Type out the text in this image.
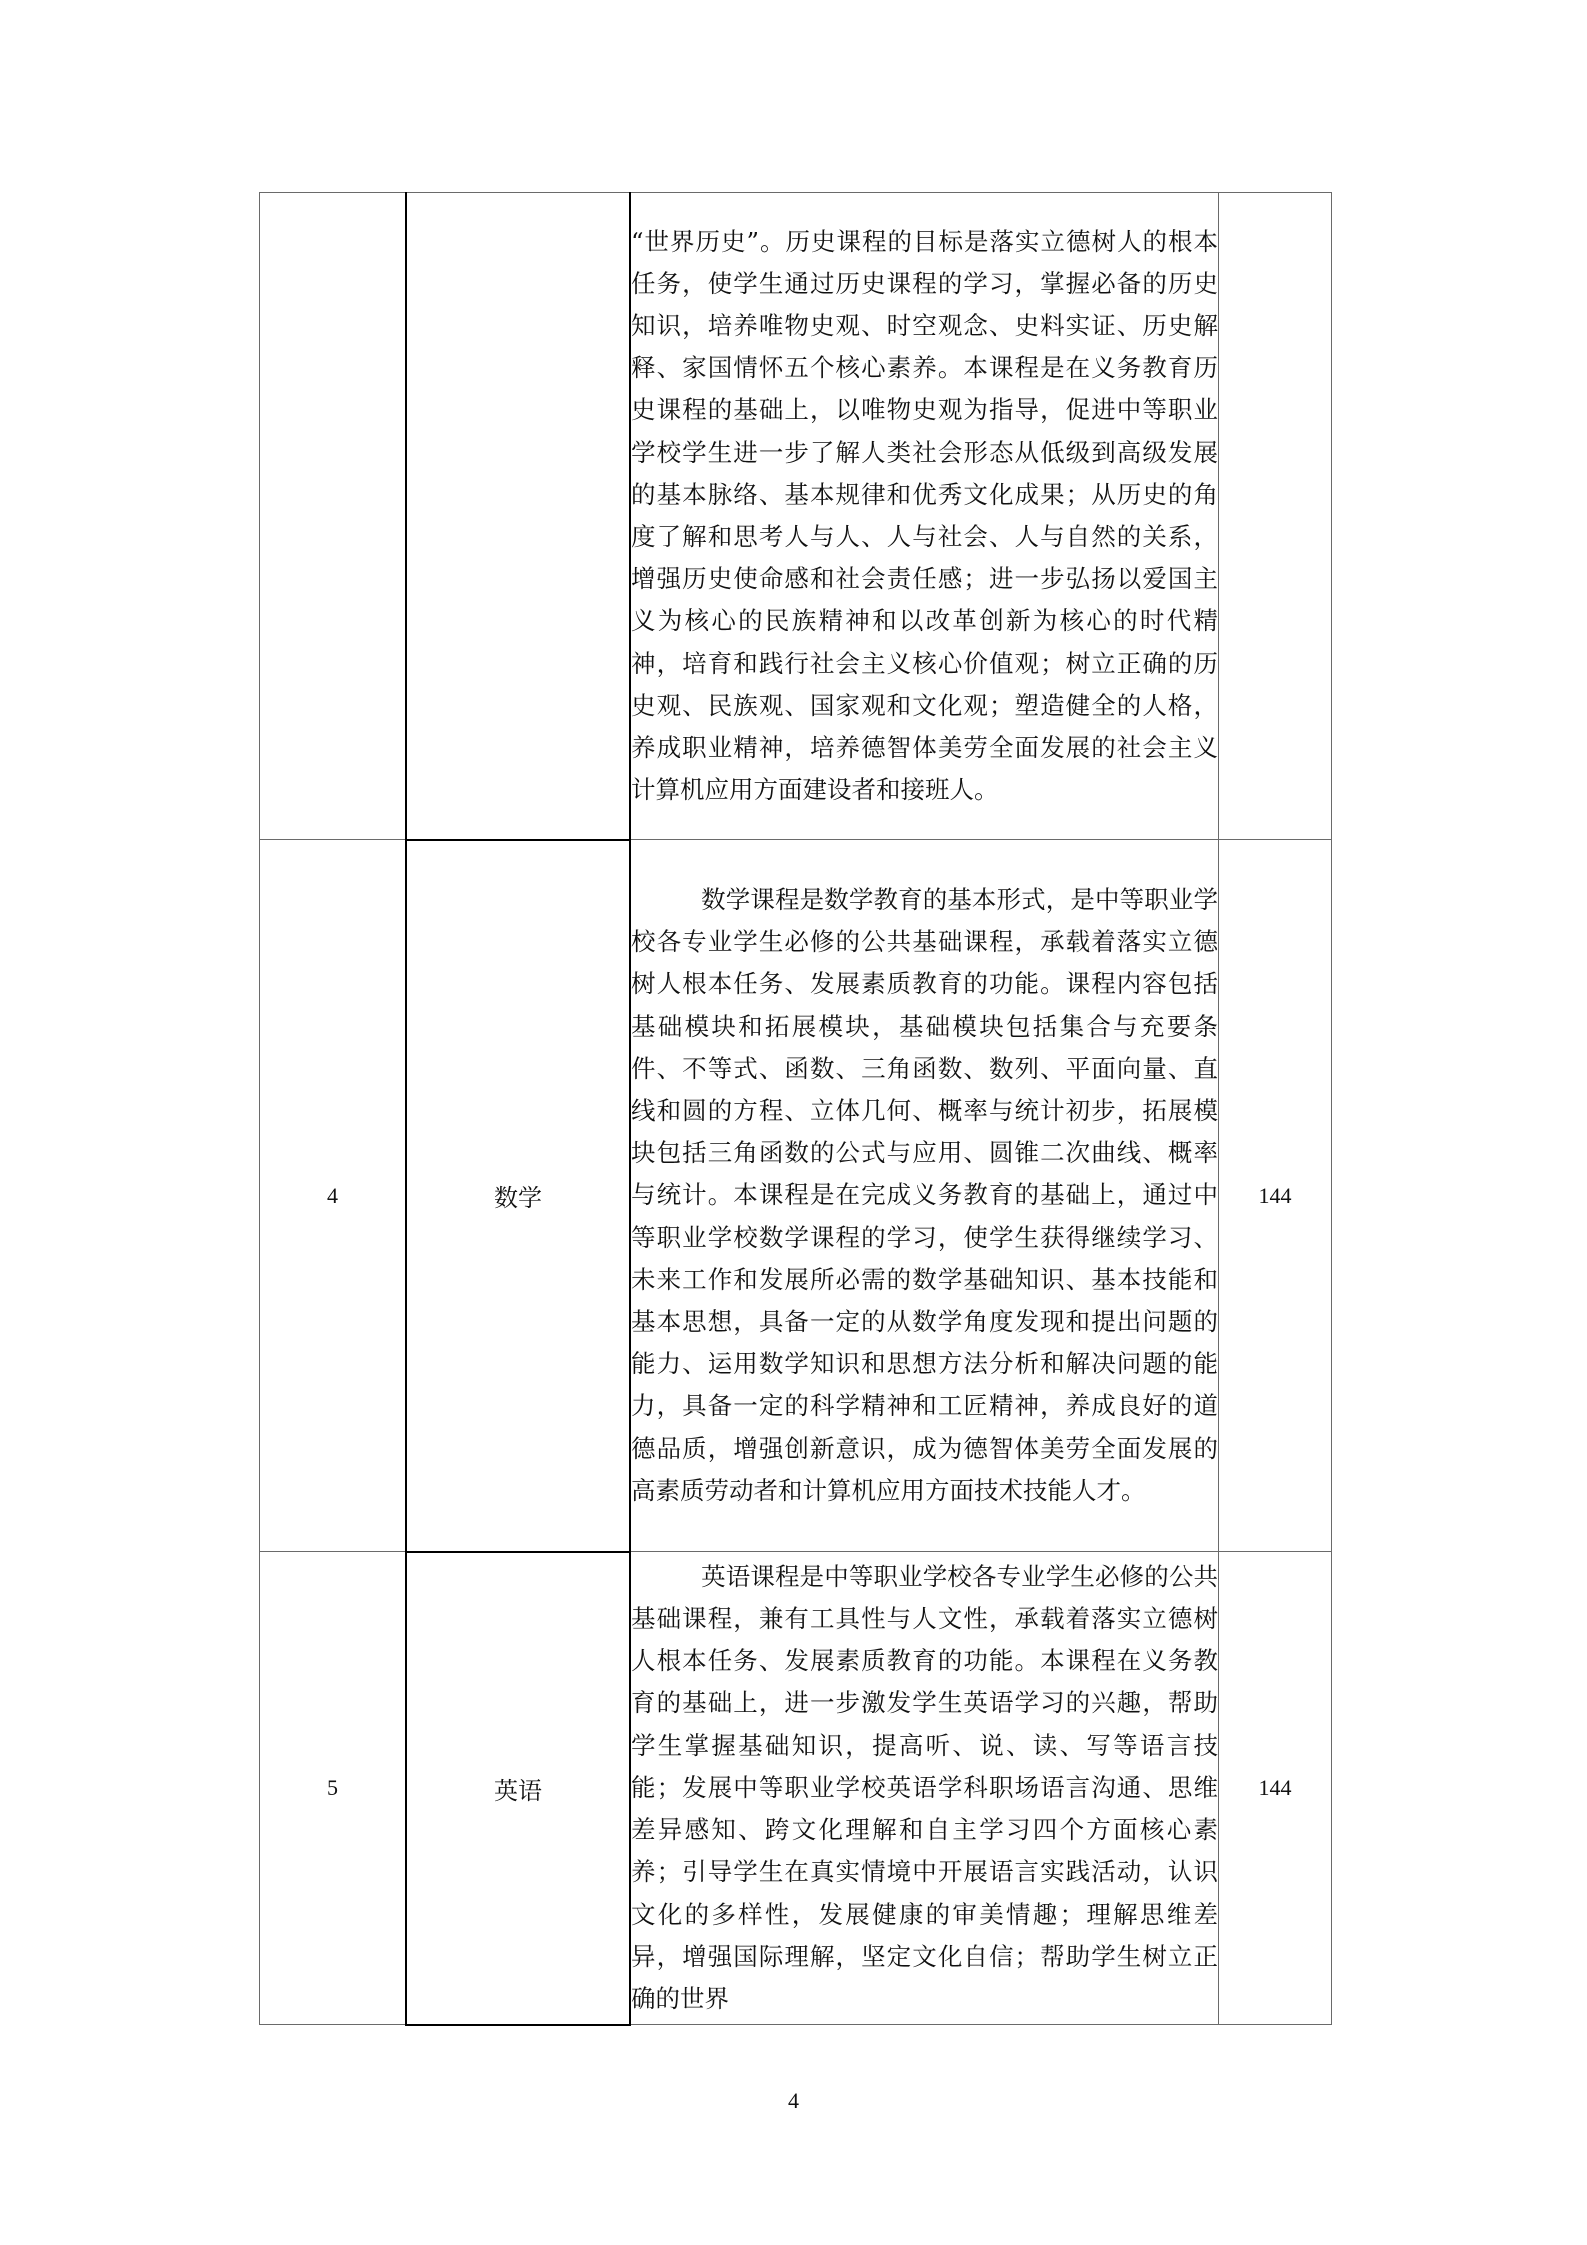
		“世界历史”。历史课程的目标是落实立德树人的根本任务，使学生通过历史课程的学习，掌握必备的历史知识，培养唯物史观、时空观念、史料实证、历史解释、家国情怀五个核心素养。本课程是在义务教育历史课程的基础上，以唯物史观为指导，促进中等职业学校学生进一步了解人类社会形态从低级到高级发展的基本脉络、基本规律和优秀文化成果；从历史的角度了解和思考人与人、人与社会、人与自然的关系，增强历史使命感和社会责任感；进一步弘扬以爱国主义为核心的民族精神和以改革创新为核心的时代精神，培育和践行社会主义核心价值观；树立正确的历史观、民族观、国家观和文化观；塑造健全的人格，养成职业精神，培养德智体美劳全面发展的社会主义计算机应用方面建设者和接班人。	
4	数学	数学课程是数学教育的基本形式，是中等职业学校各专业学生必修的公共基础课程，承载着落实立德树人根本任务、发展素质教育的功能。课程内容包括基础模块和拓展模块，基础模块包括集合与充要条件、不等式、函数、三角函数、数列、平面向量、直线和圆的方程、立体几何、概率与统计初步，拓展模块包括三角函数的公式与应用、圆锥二次曲线、概率与统计。本课程是在完成义务教育的基础上，通过中等职业学校数学课程的学习，使学生获得继续学习、未来工作和发展所必需的数学基础知识、基本技能和基本思想，具备一定的从数学角度发现和提出问题的能力、运用数学知识和思想方法分析和解决问题的能力，具备一定的科学精神和工匠精神，养成良好的道德品质，增强创新意识，成为德智体美劳全面发展的高素质劳动者和计算机应用方面技术技能人才。	144
5	英语	英语课程是中等职业学校各专业学生必修的公共基础课程，兼有工具性与人文性，承载着落实立德树人根本任务、发展素质教育的功能。本课程在义务教育的基础上，进一步激发学生英语学习的兴趣，帮助学生掌握基础知识，提高听、说、读、写等语言技能；发展中等职业学校英语学科职场语言沟通、思维差异感知、跨文化理解和自主学习四个方面核心素养；引导学生在真实情境中开展语言实践活动，认识文化的多样性，发展健康的审美情趣；理解思维差异，增强国际理解，坚定文化自信；帮助学生树立正确的世界	144
4
